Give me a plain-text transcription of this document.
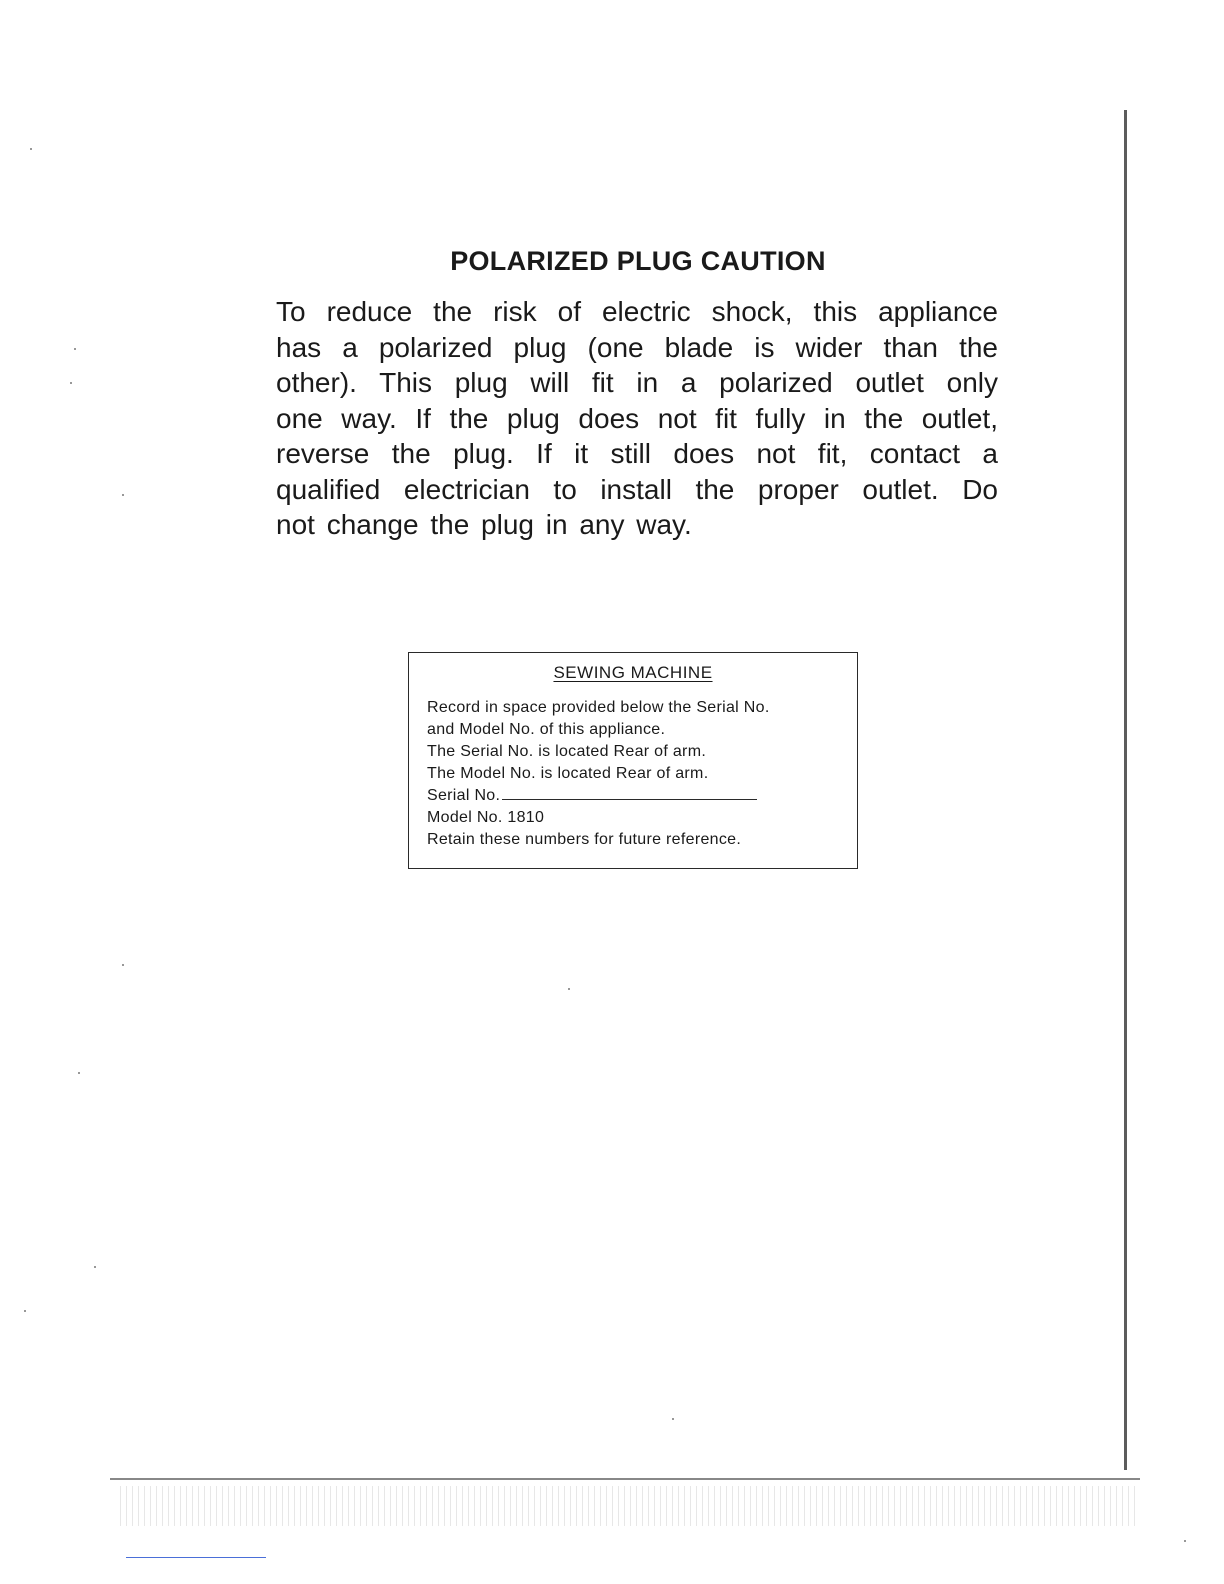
POLARIZED PLUG CAUTION

To reduce the risk of electric shock, this appliance
has a polarized plug (one blade is wider than the
other). This plug will fit in a polarized outlet only
one way. If the plug does not fit fully in the outlet,
reverse the plug. If it still does not fit, contact a
qualified electrician to install the proper outlet. Do
not change the plug in any way.

SEWING MACHINE
Record in space provided below the Serial No.
and Model No. of this appliance.
The Serial No. is located Rear of arm.
The Model No. is located Rear of arm.
Serial No.
Model No. 1810
Retain these numbers for future reference.
